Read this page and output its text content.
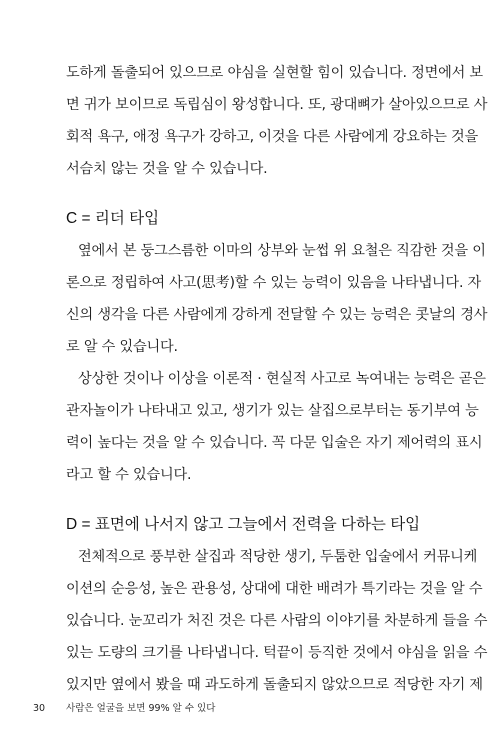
도하게 돌출되어 있으므로 야심을 실현할 힘이 있습니다. 정면에서 보
면 귀가 보이므로 독립심이 왕성합니다. 또, 광대뼈가 살아있으므로 사
회적 욕구, 애정 욕구가 강하고, 이것을 다른 사람에게 강요하는 것을
서슴치 않는 것을 알 수 있습니다.
C = 리더 타입
옆에서 본 둥그스름한 이마의 상부와 눈썹 위 요철은 직감한 것을 이
론으로 정립하여 사고(思考)할 수 있는 능력이 있음을 나타냅니다. 자
신의 생각을 다른 사람에게 강하게 전달할 수 있는 능력은 콧날의 경사
로 알 수 있습니다.
상상한 것이나 이상을 이론적 · 현실적 사고로 녹여내는 능력은 곧은
관자놀이가 나타내고 있고, 생기가 있는 살집으로부터는 동기부여 능
력이 높다는 것을 알 수 있습니다. 꼭 다문 입술은 자기 제어력의 표시
라고 할 수 있습니다.
D = 표면에 나서지 않고 그늘에서 전력을 다하는 타입
전체적으로 풍부한 살집과 적당한 생기, 두툼한 입술에서 커뮤니케
이션의 순응성, 높은 관용성, 상대에 대한 배려가 특기라는 것을 알 수
있습니다. 눈꼬리가 처진 것은 다른 사람의 이야기를 차분하게 들을 수
있는 도량의 크기를 나타냅니다. 턱끝이 등직한 것에서 야심을 읽을 수
있지만 옆에서 봤을 때 과도하게 돌출되지 않았으므로 적당한 자기 제
30 사람은 얼굴을 보면 99% 알 수 있다
